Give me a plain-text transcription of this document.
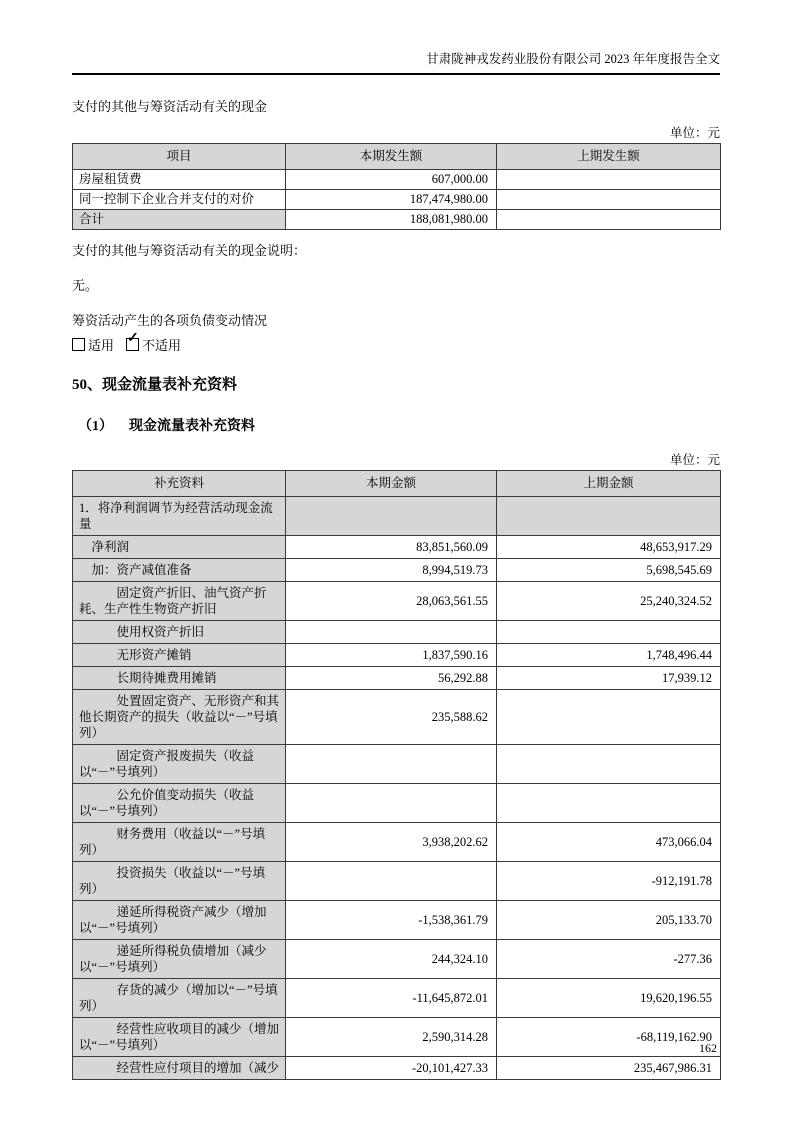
甘肃陇神戎发药业股份有限公司 2023 年年度报告全文

支付的其他与筹资活动有关的现金

单位：元
项目	本期发生额	上期发生额

房屋租赁费	607,000.00	

同一控制下企业合并支付的对价	187,474,980.00	

合计	188,081,980.00	

支付的其他与筹资活动有关的现金说明：

无。

筹资活动产生的各项负债变动情况

适用 ✓ 不适用
50、现金流量表补充资料
（1） 现金流量表补充资料
单位：元
补充资料	本期金额	上期金额

1．将净利润调节为经营活动现金流量		

净利润	83,851,560.09	48,653,917.29

加：资产减值准备	8,994,519.73	5,698,545.69

固定资产折旧、油气资产折耗、生产性生物资产折旧	28,063,561.55	25,240,324.52

使用权资产折旧		

无形资产摊销	1,837,590.16	1,748,496.44

长期待摊费用摊销	56,292.88	17,939.12

处置固定资产、无形资产和其他长期资产的损失（收益以“－”号填列）	235,588.62	

固定资产报废损失（收益以“－”号填列）		

公允价值变动损失（收益以“－”号填列）		

财务费用（收益以“－”号填列）	3,938,202.62	473,066.04

投资损失（收益以“－”号填列）		-912,191.78

递延所得税资产减少（增加以“－”号填列）	-1,538,361.79	205,133.70

递延所得税负债增加（减少以“－”号填列）	244,324.10	-277.36

存货的减少（增加以“－”号填列）	-11,645,872.01	19,620,196.55

经营性应收项目的减少（增加以“－”号填列）	2,590,314.28	-68,119,162.90

经营性应付项目的增加（减少	-20,101,427.33	235,467,986.31
162
